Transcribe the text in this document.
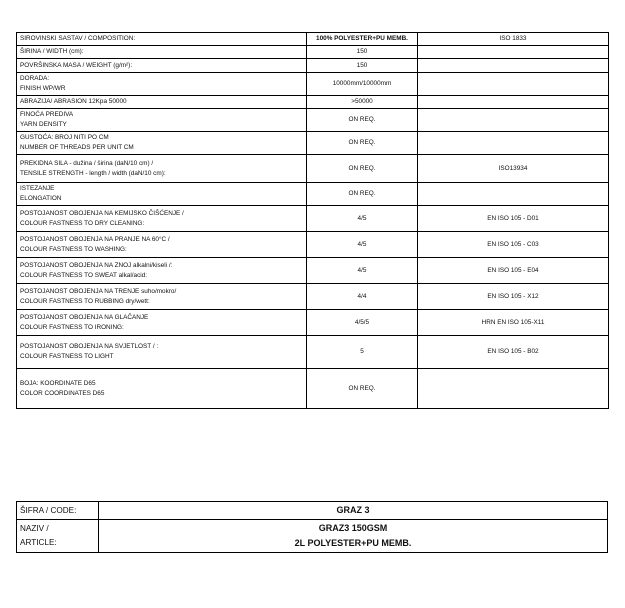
SIROVINSKI SASTAV / COMPOSITION:	100% POLYESTER+PU MEMB.	ISO 1833

ŠIRINA / WIDTH (cm):	150	

POVRŠINSKA MASA / WEIGHT (g/m²):	150	

DORADA:
FINISH WP/WR	10000mm/10000mm	

ABRAZIJA/ ABRASION 12Kpa 50000	>50000	

FINOĆA PREDIVA
YARN DENSITY	ON REQ.	

GUSTOĆA: BROJ NITI PO CM
NUMBER OF THREADS PER UNIT CM	ON REQ.	

PREKIDNA SILA - dužina / širina (daN/10 cm) /
TENSILE STRENGTH - length / width (daN/10 cm):	ON REQ.	ISO13934

ISTEZANJE
ELONGATION	ON REQ.	

POSTOJANOST OBOJENJA NA KEMIJSKO ČIŠĆENJE /
COLOUR FASTNESS TO DRY CLEANING:	4/5	EN ISO 105 - D01

POSTOJANOST OBOJENJA NA PRANJE NA 60°C /
COLOUR FASTNESS TO WASHING:	4/5	EN ISO 105 - C03

POSTOJANOST OBOJENJA NA ZNOJ alkalni/kiseli /:
COLOUR FASTNESS TO SWEAT alkal/acid:	4/5	EN ISO 105 - E04

POSTOJANOST OBOJENJA NA TRENJE suho/mokro/
COLOUR FASTNESS TO RUBBING dry/wett:	4/4	EN ISO 105 - X12

POSTOJANOST OBOJENJA NA GLAČANJE
COLOUR FASTNESS TO IRONING:	4/5/5	HRN EN ISO 105-X11

POSTOJANOST OBOJENJA NA SVJETLOST / :
COLOUR FASTNESS TO LIGHT	5	EN ISO 105 - B02

BOJA: KOORDINATE D65
COLOR COORDINATES D65	ON REQ.	
ŠIFRA / CODE:	GRAZ 3

NAZIV /
ARTICLE:	GRAZ3 150GSM
2L POLYESTER+PU MEMB.
